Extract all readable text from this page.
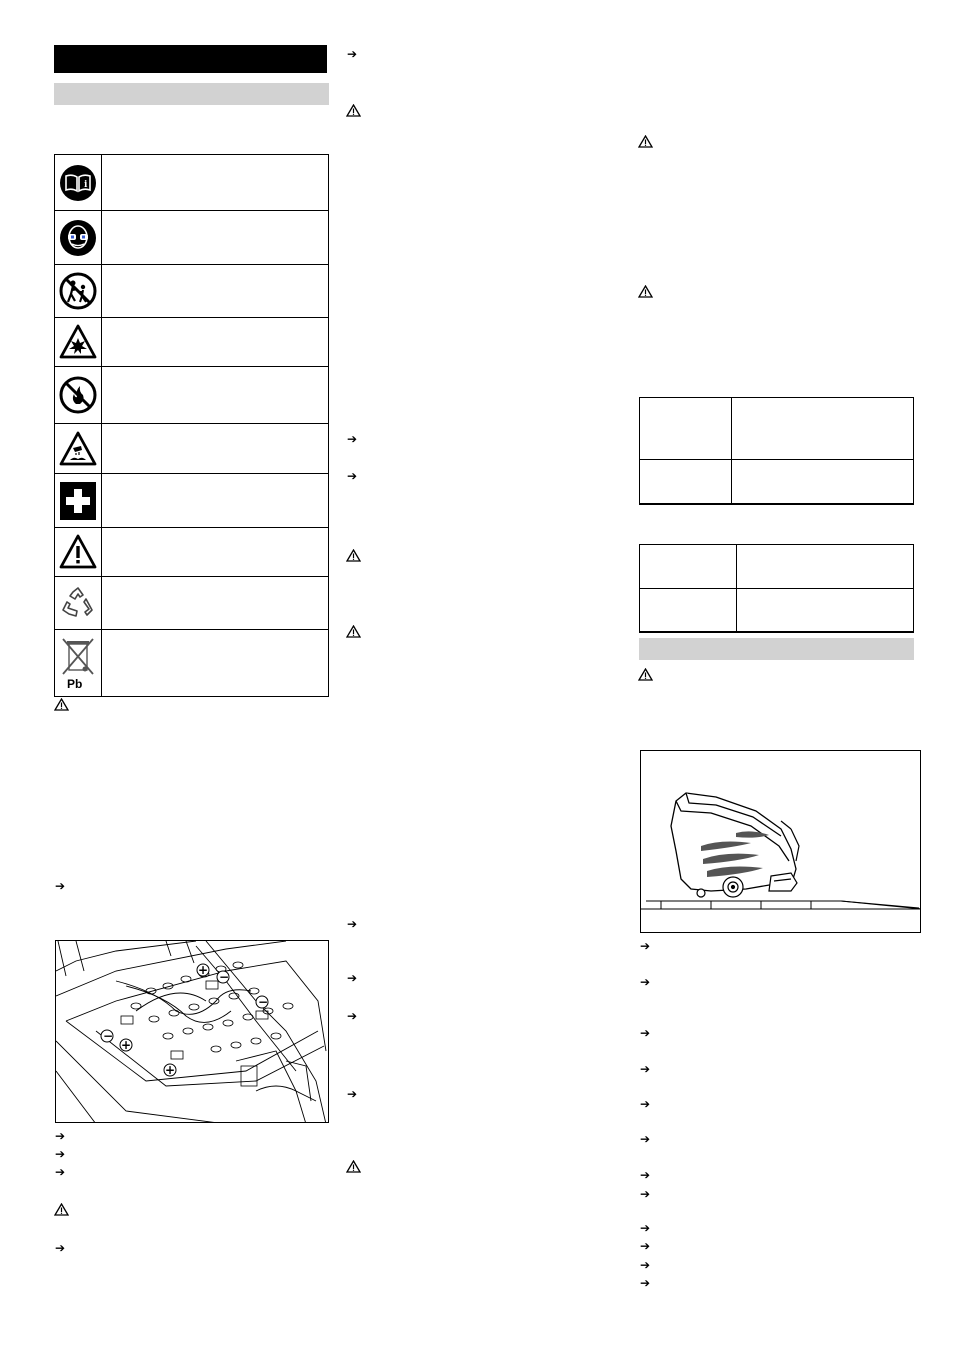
i
Pb
➔
+ −
−
−
+
+
➔
➔
➔
➔
➔
➔
➔
➔
➔
➔
➔
➔
➔
➔
➔
➔
➔
➔
➔
➔
➔
➔
➔
